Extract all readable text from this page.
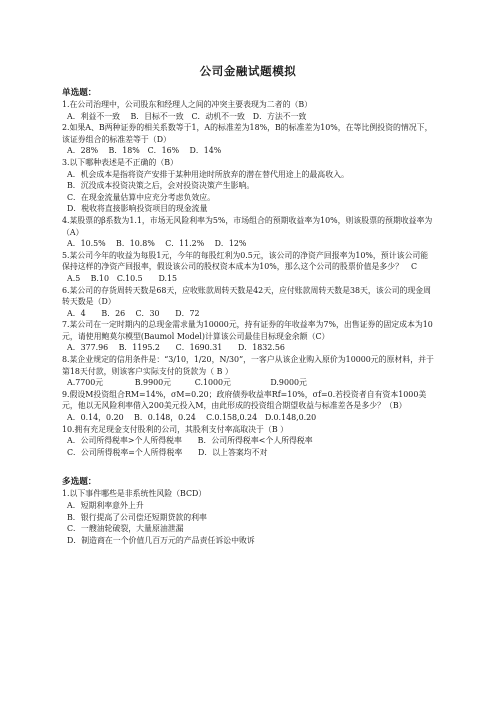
公司金融试题模拟
单选题：
1.在公司治理中，公司股东和经理人之间的冲突主要表现为二者的（B）
A．利益不一致　 B．目标不一致　C．动机不一致　D．方法不一致
2.如果A、B两种证券的相关系数等于1，A的标准差为18%，B的标准差为10%，在等比例投资的情况下，该证券组合的标准差等于（D）
A．28%　 B．18%　C．16%　 D．14%
3.以下哪种表述是不正确的（B）
A．机会成本是指将资产安排于某种用途时所放弃的潜在替代用途上的最高收入。
B．沉没成本投资决策之后，会对投资决策产生影响。
C．在现金流量估算中应充分考虑负效应。
D．税收将直接影响投资项目的现金流量
4.某股票的β系数为1.1，市场无风险利率为5%，市场组合的预期收益率为10%，则该股票的预期收益率为（A）
A．10.5%　 B．10.8%　 C．11.2%　 D．12%
5.某公司今年的收益为每股1元，今年的每股红利为0.5元，该公司的净资产回报率为10%，预计该公司能保持这样的净资产回报率，假设该公司的股权资本成本为10%，那么这个公司的股票价值是多少？　C
A.5　 B.10　C.10.5　　D.15
6.某公司的存货周转天数是68天，应收账款周转天数是42天，应付账款周转天数是38天，该公司的现金周转天数是（D）
A．4　　B．26　 C．30　　D．72
7.某公司在一定时期内的总现金需求量为10000元，持有证券的年收益率为7%，出售证券的固定成本为10元，请使用鲍莫尔模型(Baumol Model)计算该公司最佳目标现金余额（C）
A．377.96　 B．1195.2　　C．1690.31　　D．1832.56
8.某企业规定的信用条件是：“3/10，1/20，N/30”，一客户从该企业购入原价为10000元的原材料，并于第18天付款，则该客户实际支付的货款为（ B ）
A.7700元　　　　B.9900元　　　C.1000元　　　　　D.9000元
9.假设M投资组合RM=14%，σM=0.20；政府债券收益率Rf=10%，σf=0.若投资者自有资本1000美元，他以无风险利率借入200美元投入M，由此形成的投资组合期望收益与标准差各是多少？（B）
A．0.14，0.20　 B．0.148，0.24　 C.0.158,0.24　D.0.148,0.20
10.拥有充足现金支付股利的公司，其股利支付率高取决于（B ）
A．公司所得税率>个人所得税率　　B．公司所得税率<个人所得税率
C．公司所得税率=个人所得税率　　D．以上答案均不对
多选题：
1.以下事件哪些是非系统性风险（BCD）
A．短期利率意外上升
B．银行提高了公司偿还短期贷款的利率
C．一艘油轮破裂，大量原油泄漏
D．制造商在一个价值几百万元的产品责任诉讼中败诉
